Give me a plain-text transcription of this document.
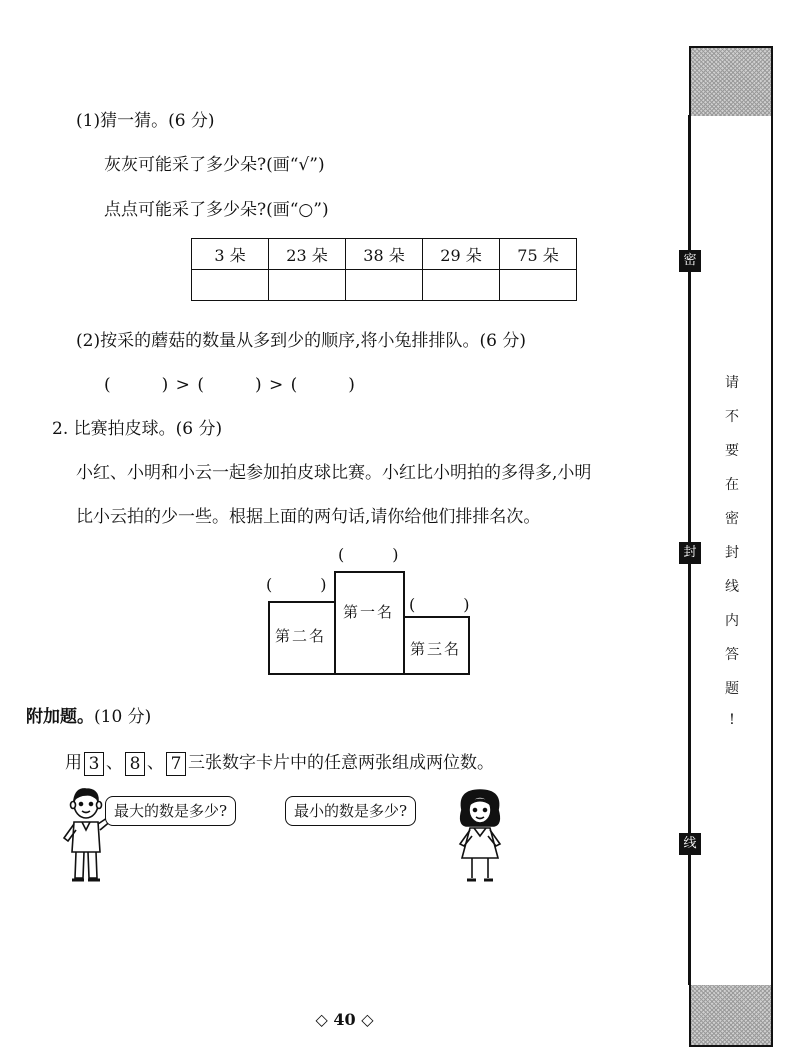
密
封
线
请
不
要
在
密
封
线
内
答
题
!
(1)猜一猜。(6 分)
灰灰可能采了多少朵?(画“√”)
点点可能采了多少朵?(画“○”)
3 朵	23 朵	38 朵	29 朵	75 朵

(2)按采的蘑菇的数量从多到少的顺序,将小兔排排队。(6 分)
(　　　) > (　　　) > (　　　)
2. 比赛拍皮球。(6 分)
小红、小明和小云一起参加拍皮球比赛。小红比小明拍的多得多,小明
比小云拍的少一些。根据上面的两句话,请你给他们排排名次。
(　　　)
(　　　)
(　　　)
第二名
第三名
第一名
附加题。(10 分)
用 3 、 8 、 7 三张数字卡片中的任意两张组成两位数。
最大的数是多少?	最小的数是多少?
◇ 40 ◇
